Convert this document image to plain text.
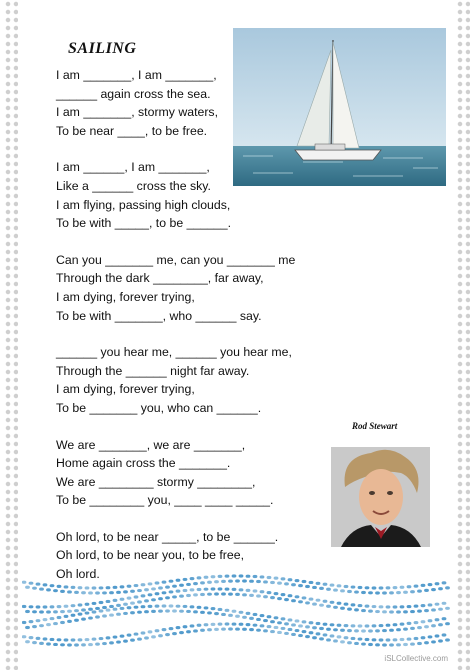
SAILING
I am _______, I am _______,
______ again cross the sea.
I am _______, stormy waters,
To be near ____, to be free.
I am ______, I am _______,
Like a ______ cross the sky.
I am flying, passing high clouds,
To be with _____, to be ______.
Can you _______ me, can you _______ me
Through the dark ________, far away,
I am dying, forever trying,
To be with _______, who ______ say.
______ you hear me, ______ you hear me,
Through the ______ night far away.
I am dying, forever trying,
To be _______ you, who can ______.
We are _______, we are _______,
Home again cross the _______.
We are ________ stormy ________,
To be ________ you, ____ ____ _____.
Oh lord, to be near _____, to be ______.
Oh lord, to be near you, to be free,
Oh lord.
Rod Stewart
iSLCollective.com
